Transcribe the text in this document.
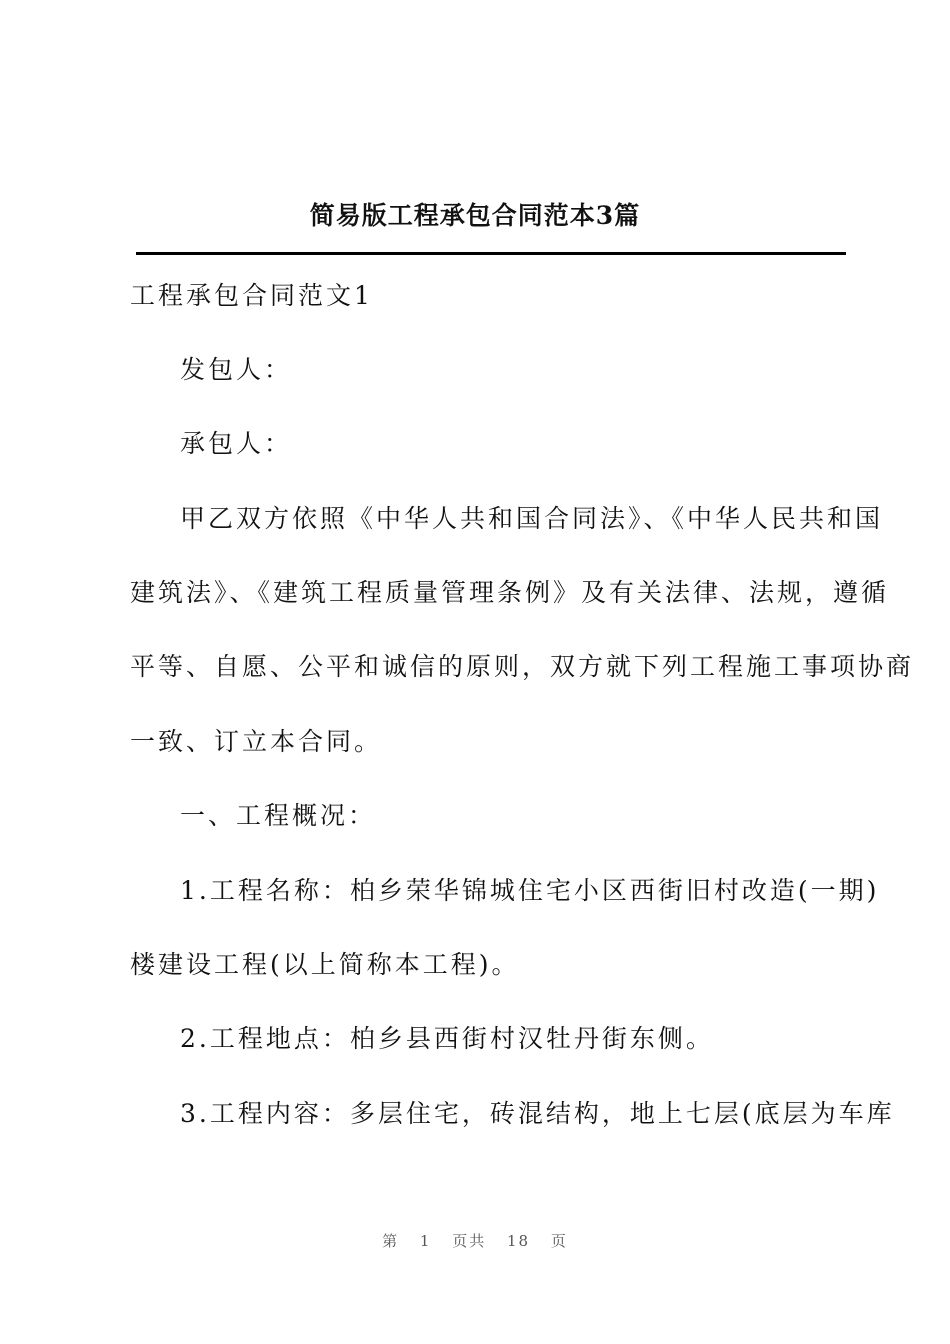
简易版工程承包合同范本3篇
工程承包合同范文1
发包人：
承包人：
甲乙双方依照《中华人共和国合同法》、《中华人民共和国
建筑法》、《建筑工程质量管理条例》及有关法律、法规，遵循
平等、自愿、公平和诚信的原则，双方就下列工程施工事项协商
一致、订立本合同。
一、工程概况：
1.工程名称：柏乡荣华锦城住宅小区西街旧村改造(一期)
楼建设工程(以上简称本工程)。
2.工程地点：柏乡县西街村汉牡丹街东侧。
3.工程内容：多层住宅，砖混结构，地上七层(底层为车库
第 1 页共 18 页
